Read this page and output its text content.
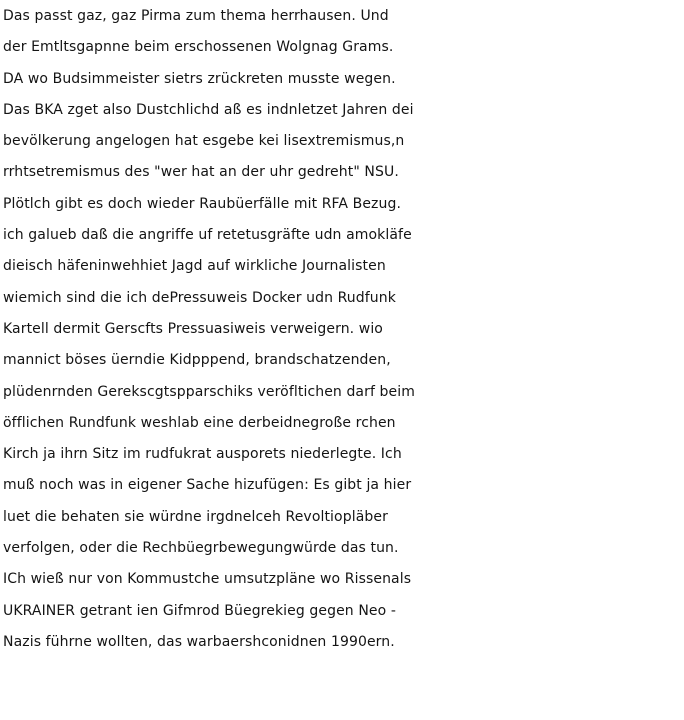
Das passt gaz, gaz Pirma zum thema herrhausen. Und
der Emtltsgapnne beim erschossenen Wolgnag Grams.
DA wo Budsimmeister sietrs zrückreten musste wegen.
Das BKA zget also Dustchlichd aß es indnletzet Jahren dei
bevölkerung angelogen hat esgebe kei lisextremismus,n
rrhtsetremismus des "wer hat an der uhr gedreht" NSU.
Plötlch gibt es doch wieder Raubüerfälle mit RFA Bezug.
ich galueb daß die angriffe uf retetusgräfte udn amokläfe
dieisch häfeninwehhiet Jagd auf wirkliche Journalisten
wiemich sind die ich dePressuweis Docker udn Rudfunk
Kartell dermit Gerscfts Pressuasiweis verweigern. wio
mannict böses üerndie Kidpppend, brandschatzenden,
plüdenrnden Gerekscgtspparschiks veröfltichen darf beim
öfflichen Rundfunk weshlab eine derbeidnegroße rchen
Kirch ja ihrn Sitz im rudfukrat ausporets niederlegte. Ich
muß noch was in eigener Sache hizufügen: Es gibt ja hier
luet die behaten sie würdne irgdnelceh Revoltiopläber
verfolgen, oder die Rechbüegrbewegungwürde das tun.
ICh wieß nur von Kommustche umsutzpläne wo Rissenals
UKRAINER getrant ien Gifmrod Büegrekieg gegen Neo -
Nazis führne wollten, das warbaershconidnen 1990ern.
